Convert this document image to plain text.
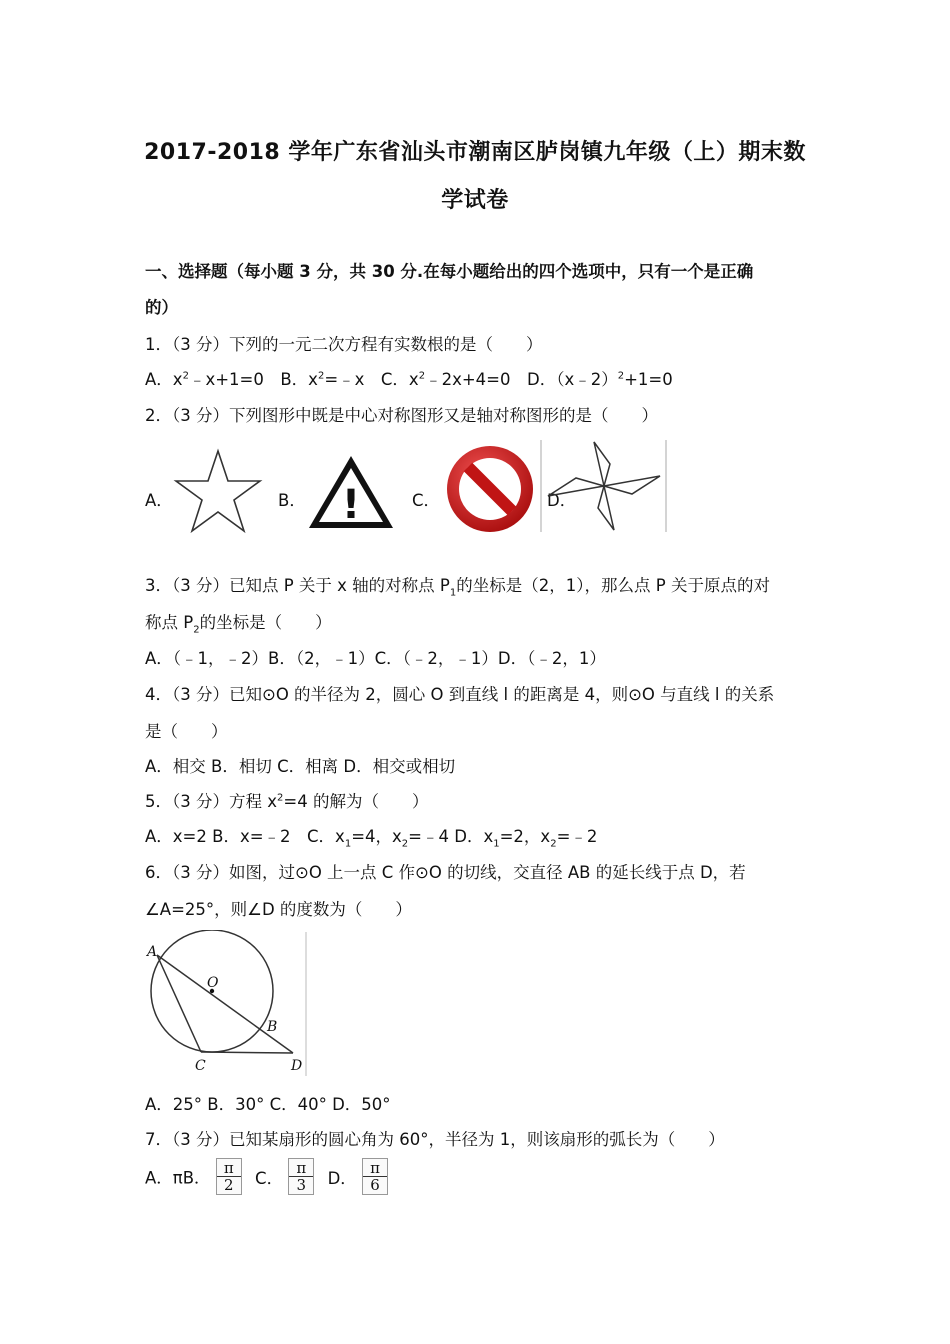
2017-2018 学年广东省汕头市潮南区胪岗镇九年级（上）期末数
学试卷
一、选择题（每小题 3 分，共 30 分.在每小题给出的四个选项中，只有一个是正确
的）
1．（3 分）下列的一元二次方程有实数根的是（　　）
A．$x^2﹣x+1=0$　B．$x^2=﹣x$　C．$x^2﹣2x+4=0$　D．（x﹣2）$^2$+1=0
2．（3 分）下列图形中既是中心对称图形又是轴对称图形的是（　　）
A．	B． !	C．	D．
3．（3 分）已知点 P 关于 x 轴的对称点 $P_1$的坐标是（2，1），那么点 P 关于原点的对
称点 $P_2$的坐标是（　　）
A．（﹣1，﹣2）B．（2，﹣1）C．（﹣2，﹣1）D．（﹣2，1）
4．（3 分）已知⊙O 的半径为 2，圆心 O 到直线 l 的距离是 4，则⊙O 与直线 l 的关系
是（　　）
A．相交 B．相切 C．相离 D．相交或相切
5．（3 分）方程 $x^2=4$ 的解为（　　）
A．x=2 B．x=﹣2　C．$x_1=4$，$x_2=﹣4$ D．$x_1=2$，$x_2=﹣2$
6．（3 分）如图，过⊙O 上一点 C 作⊙O 的切线，交直径 AB 的延长线于点 D，若
∠A=25°，则∠D 的度数为（　　）
A
O
B
C	D
A．25° B．30° C．40° D．50°
7．（3 分）已知某扇形的圆心角为 60°，半径为 1，则该扇形的弧长为（　　）
A．πB． $\frac{\pi}{2}$ C． $\frac{\pi}{3}$ D． $\frac{\pi}{6}$
